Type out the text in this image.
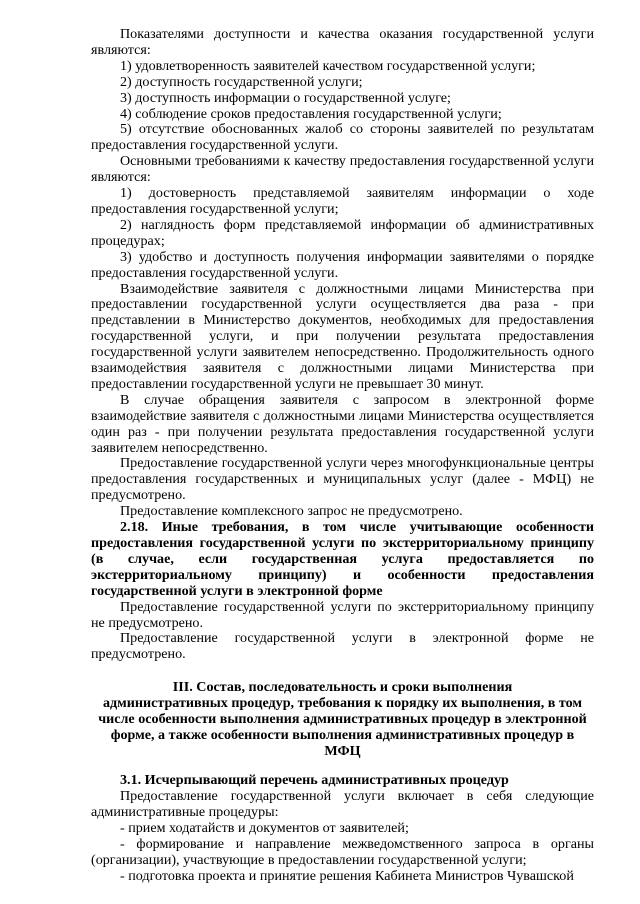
Показателями доступности и качества оказания государственной услуги являются:

1) удовлетворенность заявителей качеством государственной услуги;

2) доступность государственной услуги;

3) доступность информации о государственной услуге;

4) соблюдение сроков предоставления государственной услуги;

5) отсутствие обоснованных жалоб со стороны заявителей по результатам предоставления государственной услуги.

Основными требованиями к качеству предоставления государственной услуги являются:

1) достоверность представляемой заявителям информации о ходе предоставления государственной услуги;

2) наглядность форм представляемой информации об административных процедурах;

3) удобство и доступность получения информации заявителями о порядке предоставления государственной услуги.

Взаимодействие заявителя с должностными лицами Министерства при предоставлении государственной услуги осуществляется два раза - при представлении в Министерство документов, необходимых для предоставления государственной услуги, и при получении результата предоставления государственной услуги заявителем непосредственно. Продолжительность одного взаимодействия заявителя с должностными лицами Министерства при предоставлении государственной услуги не превышает 30 минут.

В случае обращения заявителя с запросом в электронной форме взаимодействие заявителя с должностными лицами Министерства осуществляется один раз - при получении результата предоставления государственной услуги заявителем непосредственно.

Предоставление государственной услуги через многофункциональные центры предоставления государственных и муниципальных услуг (далее - МФЦ) не предусмотрено.

Предоставление комплексного запрос не предусмотрено.

2.18. Иные требования, в том числе учитывающие особенности предоставления государственной услуги по экстерриториальному принципу (в случае, если государственная услуга предоставляется по экстерриториальному принципу) и особенности предоставления государственной услуги в электронной форме

Предоставление государственной услуги по экстерриториальному принципу не предусмотрено.

Предоставление государственной услуги в электронной форме не предусмотрено.

III. Состав, последовательность и сроки выполнения
административных процедур, требования к порядку их выполнения, в том
числе особенности выполнения административных процедур в электронной
форме, а также особенности выполнения административных процедур в МФЦ

3.1. Исчерпывающий перечень административных процедур

Предоставление государственной услуги включает в себя следующие административные процедуры:

- прием ходатайств и документов от заявителей;

- формирование и направление межведомственного запроса в органы (организации), участвующие в предоставлении государственной услуги;

- подготовка проекта и принятие решения Кабинета Министров Чувашской
